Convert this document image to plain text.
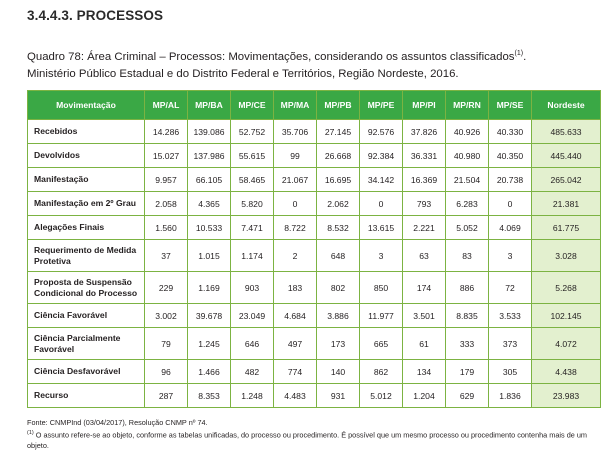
3.4.4.3. PROCESSOS
Quadro 78: Área Criminal – Processos: Movimentações, considerando os assuntos classificados$^{(1)}$.
Ministério Público Estadual e do Distrito Federal e Territórios, Região Nordeste, 2016.
Movimentação	MP/AL	MP/BA	MP/CE	MP/MA	MP/PB	MP/PE	MP/PI	MP/RN	MP/SE	Nordeste
Recebidos	14.286	139.086	52.752	35.706	27.145	92.576	37.826	40.926	40.330	485.633
Devolvidos	15.027	137.986	55.615	99	26.668	92.384	36.331	40.980	40.350	445.440
Manifestação	9.957	66.105	58.465	21.067	16.695	34.142	16.369	21.504	20.738	265.042
Manifestação em 2º Grau	2.058	4.365	5.820	0	2.062	0	793	6.283	0	21.381
Alegações Finais	1.560	10.533	7.471	8.722	8.532	13.615	2.221	5.052	4.069	61.775
Requerimento de Medida Protetiva	37	1.015	1.174	2	648	3	63	83	3	3.028
Proposta de Suspensão Condicional do Processo	229	1.169	903	183	802	850	174	886	72	5.268
Ciência Favorável	3.002	39.678	23.049	4.684	3.886	11.977	3.501	8.835	3.533	102.145
Ciência Parcialmente Favorável	79	1.245	646	497	173	665	61	333	373	4.072
Ciência Desfavorável	96	1.466	482	774	140	862	134	179	305	4.438
Recurso	287	8.353	1.248	4.483	931	5.012	1.204	629	1.836	23.983

Fonte: CNMPInd (03/04/2017), Resolução CNMP nº 74.

$^{(1)}$ O assunto refere-se ao objeto, conforme as tabelas unificadas, do processo ou procedimento. É possível que um mesmo processo ou procedimento contenha mais de um objeto.
